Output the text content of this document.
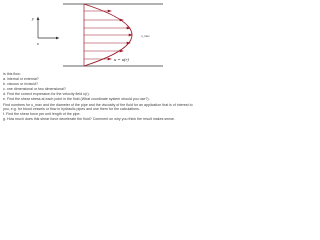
y
x
u_max
u = u(r)
Is this flow:
a. internal or external?
b. viscous or inviscid?
c. one dimensional or two dimensional?
d. Find the correct expression for the velocity field u(r).
e. Find the shear stress at each point in the fluid (What coordinate system should you use?).
Find numbers for u_max and the diameter of the pipe and the viscosity of the fluid for an application that is of interest to you, e.g. for blood vessels or flow in hydraulic pipes and use them for the calculations.
f. Find the shear force per unit length of the pipe.
g. How much does this shear force decelerate the fluid? Comment on why you think the result makes sense.
